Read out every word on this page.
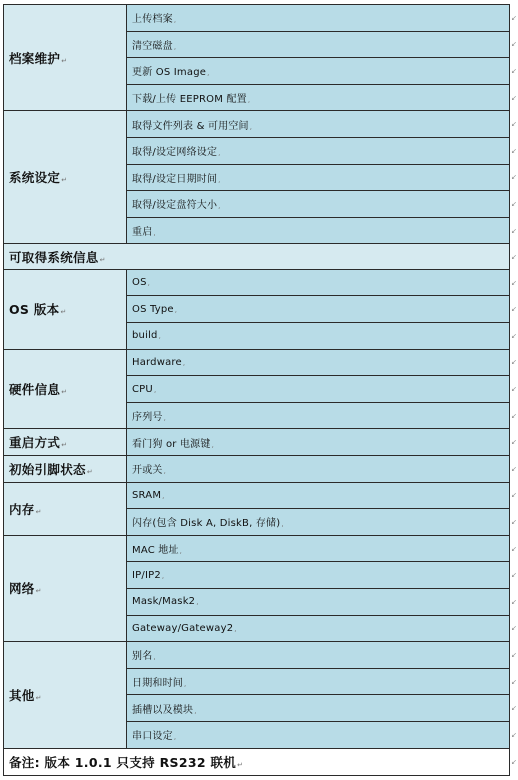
档案维护↵	上传档案,
	清空磁盘,
	更新 OS Image,
	下载/上传 EEPROM 配置,
系统设定↵	取得文件列表 & 可用空间,
	取得/设定网络设定,
	取得/设定日期时间,
	取得/设定盘符大小,
	重启,
可取得系统信息↵	
OS 版本↵	OS,
	OS Type,
	build,
硬件信息↵	Hardware,
	CPU,
	序列号,
重启方式↵	看门狗 or 电源键,
初始引脚状态↵	开或关,
内存↵	SRAM,
	闪存(包含 Disk A, DiskB, 存储),
网络↵	MAC 地址,
	IP/IP2,
	Mask/Mask2,
	Gateway/Gateway2,
其他↵	别名,
	日期和时间,
	插槽以及模块,
	串口设定,
备注: 版本 1.0.1 只支持 RS232 联机↵	
↙
↙
↙
↙
↙
↙
↙
↙
↙
↙
↙
↙
↙
↙
↙
↙
↙
↙
↙
↙
↙
↙
↙
↙
↙
↙
↙
↙
↙
